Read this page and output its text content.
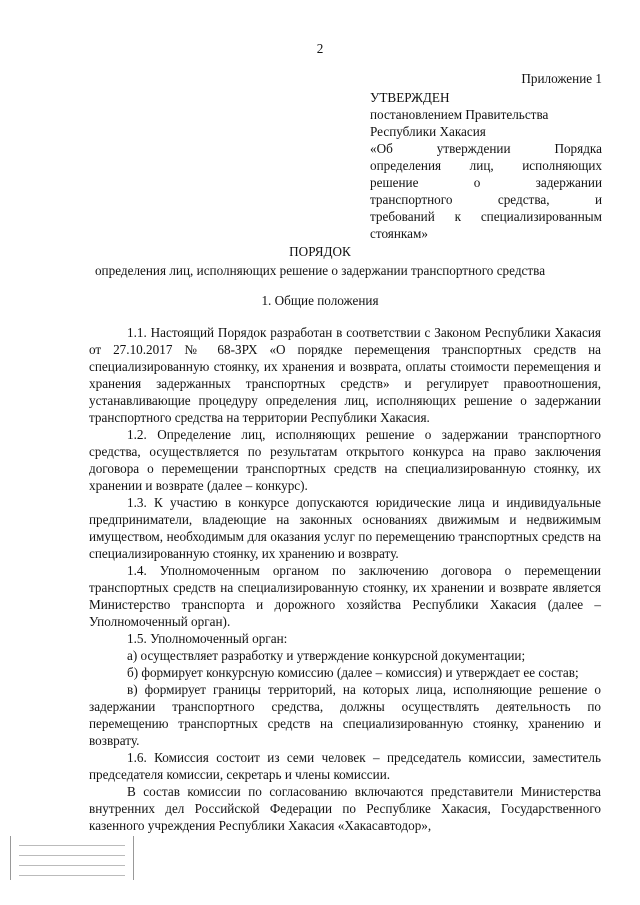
2
Приложение 1
УТВЕРЖДЕН
постановлением Правительства
Республики Хакасия
«Об утверждении Порядка
определения лиц, исполняющих
решение о задержании
транспортного средства, и
требований к специализированным
стоянкам»
ПОРЯДОК
определения лиц, исполняющих решение о задержании транспортного средства
1. Общие положения

1.1. Настоящий Порядок разработан в соответствии с Законом Республики Хакасия от 27.10.2017 № 68-ЗРХ «О порядке перемещения транспортных средств на специализированную стоянку, их хранения и возврата, оплаты стоимости перемещения и хранения задержанных транспортных средств» и регулирует правоотношения, устанавливающие процедуру определения лиц, исполняющих решение о задержании транспортного средства на территории Республики Хакасия.

1.2. Определение лиц, исполняющих решение о задержании транспортного средства, осуществляется по результатам открытого конкурса на право заключения договора о перемещении транспортных средств на специализированную стоянку, их хранении и возврате (далее – конкурс).

1.3. К участию в конкурсе допускаются юридические лица и индивидуальные предприниматели, владеющие на законных основаниях движимым и недвижимым имуществом, необходимым для оказания услуг по перемещению транспортных средств на специализированную стоянку, их хранению и возврату.

1.4. Уполномоченным органом по заключению договора о перемещении транспортных средств на специализированную стоянку, их хранении и возврате является Министерство транспорта и дорожного хозяйства Республики Хакасия (далее – Уполномоченный орган).

1.5. Уполномоченный орган:

а) осуществляет разработку и утверждение конкурсной документации;

б) формирует конкурсную комиссию (далее – комиссия) и утверждает ее состав;

в) формирует границы территорий, на которых лица, исполняющие решение о задержании транспортного средства, должны осуществлять деятельность по перемещению транспортных средств на специализированную стоянку, хранению и возврату.

1.6. Комиссия состоит из семи человек – председатель комиссии, заместитель председателя комиссии, секретарь и члены комиссии.

В состав комиссии по согласованию включаются представители Министерства внутренних дел Российской Федерации по Республике Хакасия, Государственного казенного учреждения Республики Хакасия «Хакасавтодор»,
